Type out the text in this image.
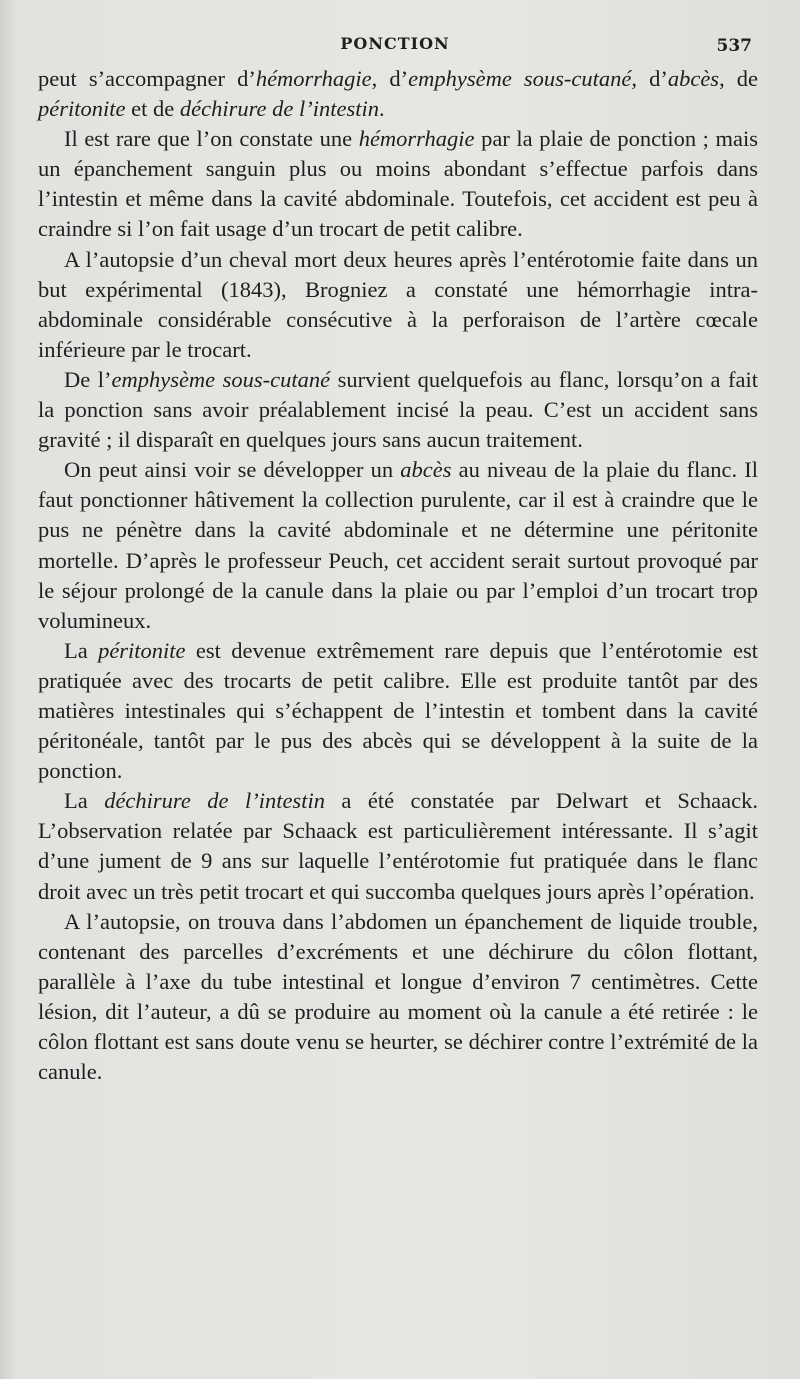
PONCTION	537

peut s’accompagner d’hémorrhagie, d’emphysème sous-cutané, d’abcès, de péritonite et de déchirure de l’intestin.

Il est rare que l’on constate une hémorrhagie par la plaie de ponction ; mais un épanchement sanguin plus ou moins abondant s’effectue parfois dans l’intestin et même dans la cavité abdominale. Toutefois, cet accident est peu à craindre si l’on fait usage d’un trocart de petit calibre.

A l’autopsie d’un cheval mort deux heures après l’entérotomie faite dans un but expérimental (1843), Brogniez a constaté une hémorrhagie intra-abdominale considérable consécutive à la perforaison de l’artère cœcale inférieure par le trocart.

De l’emphysème sous-cutané survient quelquefois au flanc, lorsqu’on a fait la ponction sans avoir préalablement incisé la peau. C’est un accident sans gravité ; il disparaît en quelques jours sans aucun traitement.

On peut ainsi voir se développer un abcès au niveau de la plaie du flanc. Il faut ponctionner hâtivement la collection purulente, car il est à craindre que le pus ne pénètre dans la cavité abdominale et ne détermine une péritonite mortelle. D’après le professeur Peuch, cet accident serait surtout provoqué par le séjour prolongé de la canule dans la plaie ou par l’emploi d’un trocart trop volumineux.

La péritonite est devenue extrêmement rare depuis que l’entérotomie est pratiquée avec des trocarts de petit calibre. Elle est produite tantôt par des matières intestinales qui s’échappent de l’intestin et tombent dans la cavité péritonéale, tantôt par le pus des abcès qui se développent à la suite de la ponction.

La déchirure de l’intestin a été constatée par Delwart et Schaack. L’observation relatée par Schaack est particulièrement intéressante. Il s’agit d’une jument de 9 ans sur laquelle l’entérotomie fut pratiquée dans le flanc droit avec un très petit trocart et qui succomba quelques jours après l’opération.

A l’autopsie, on trouva dans l’abdomen un épanchement de liquide trouble, contenant des parcelles d’excréments et une déchirure du côlon flottant, parallèle à l’axe du tube intestinal et longue d’environ 7 centimètres. Cette lésion, dit l’auteur, a dû se produire au moment où la canule a été retirée : le côlon flottant est sans doute venu se heurter, se déchirer contre l’extrémité de la canule.
